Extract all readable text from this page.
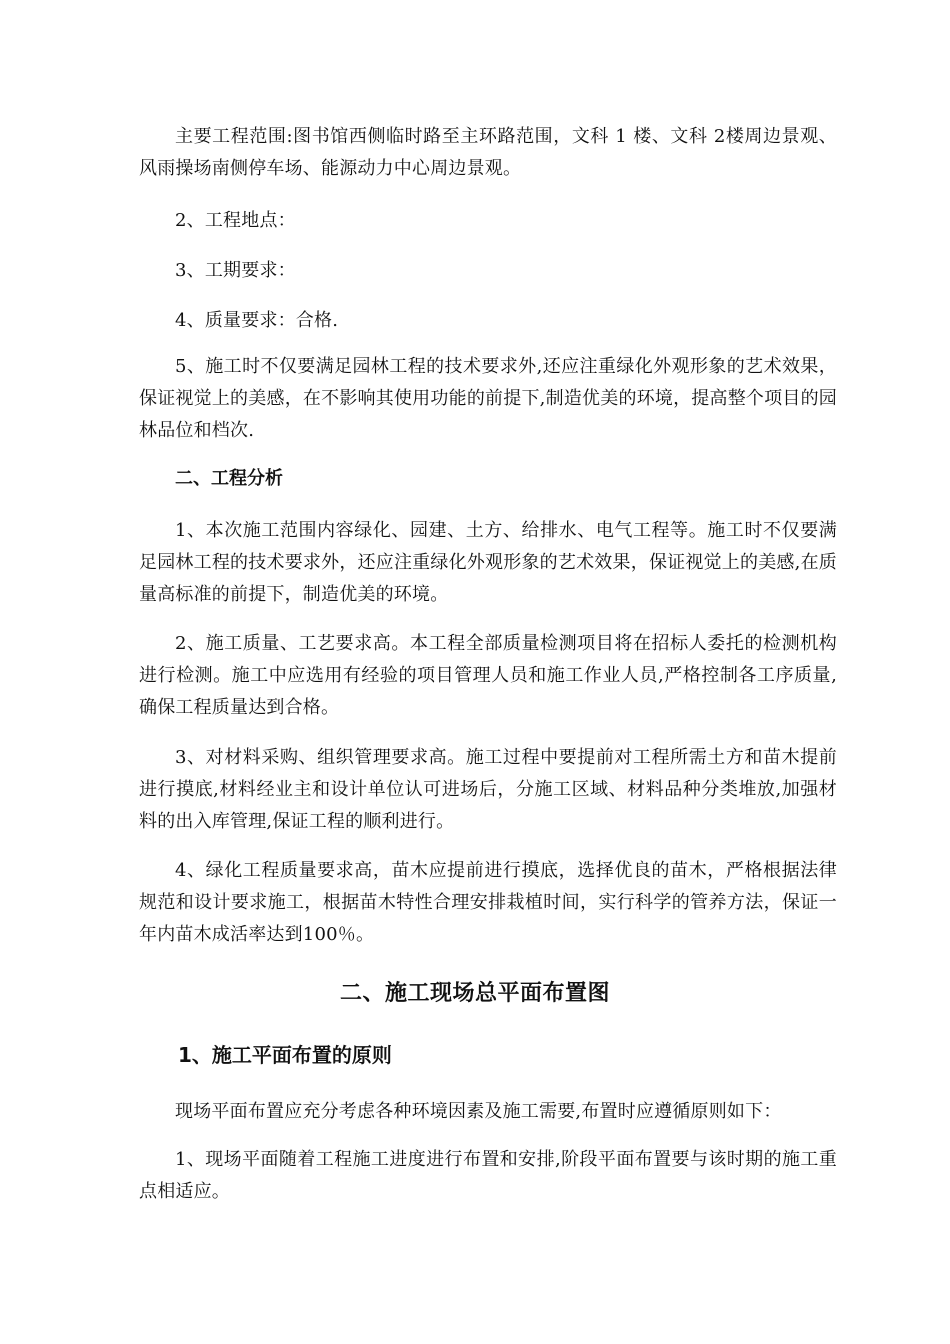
主要工程范围:图书馆西侧临时路至主环路范围，文科 1 楼、文科 2楼周边景观、风雨操场南侧停车场、能源动力中心周边景观。

2、工程地点：

3、工期要求：

4、质量要求：合格.

5、施工时不仅要满足园林工程的技术要求外,还应注重绿化外观形象的艺术效果，保证视觉上的美感，在不影响其使用功能的前提下,制造优美的环境，提高整个项目的园林品位和档次.

二、工程分析

1、本次施工范围内容绿化、园建、土方、给排水、电气工程等。施工时不仅要满足园林工程的技术要求外，还应注重绿化外观形象的艺术效果，保证视觉上的美感,在质量高标准的前提下，制造优美的环境。

2、施工质量、工艺要求高。本工程全部质量检测项目将在招标人委托的检测机构进行检测。施工中应选用有经验的项目管理人员和施工作业人员,严格控制各工序质量,确保工程质量达到合格。

3、对材料采购、组织管理要求高。施工过程中要提前对工程所需土方和苗木提前进行摸底,材料经业主和设计单位认可进场后，分施工区域、材料品种分类堆放,加强材料的出入库管理,保证工程的顺利进行。

4、绿化工程质量要求高，苗木应提前进行摸底，选择优良的苗木，严格根据法律规范和设计要求施工，根据苗木特性合理安排栽植时间，实行科学的管养方法，保证一年内苗木成活率达到100％。

二、施工现场总平面布置图
1、施工平面布置的原则

现场平面布置应充分考虑各种环境因素及施工需要,布置时应遵循原则如下：

1、现场平面随着工程施工进度进行布置和安排,阶段平面布置要与该时期的施工重点相适应。
